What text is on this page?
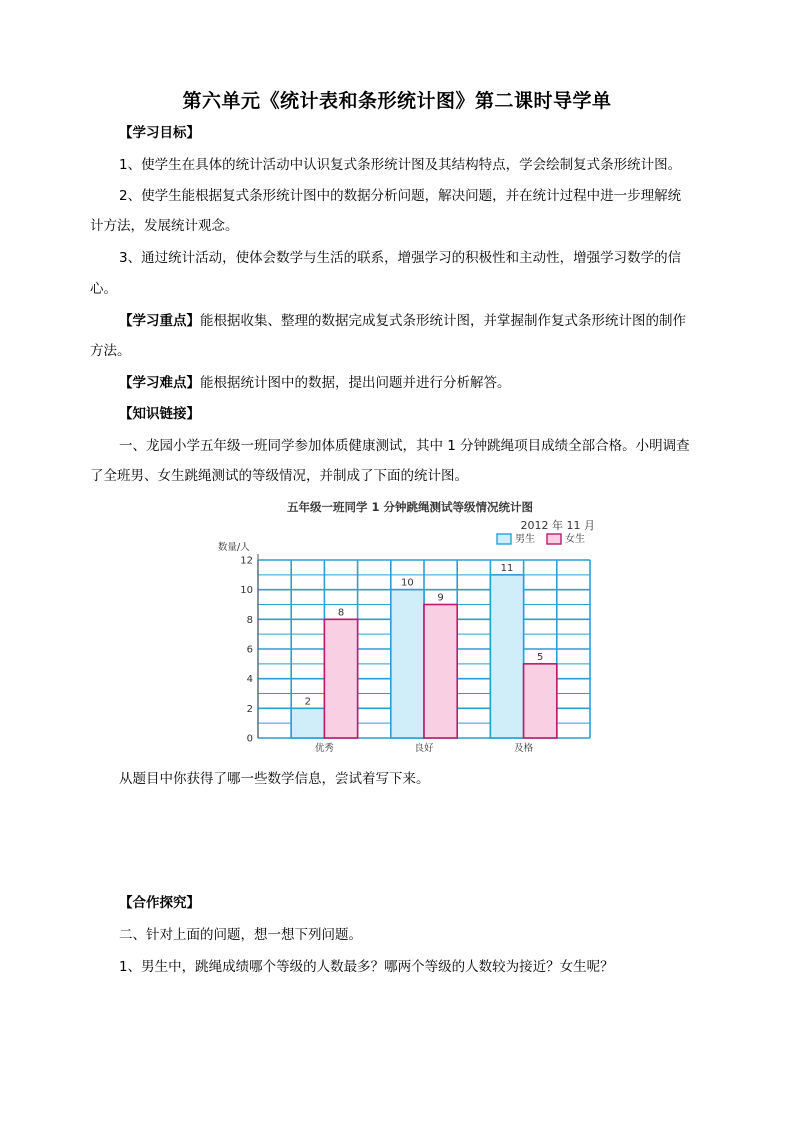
第六单元《统计表和条形统计图》第二课时导学单
【学习目标】
1、使学生在具体的统计活动中认识复式条形统计图及其结构特点，学会绘制复式条形统计图。
2、使学生能根据复式条形统计图中的数据分析问题，解决问题，并在统计过程中进一步理解统
计方法，发展统计观念。
3、通过统计活动，使体会数学与生活的联系，增强学习的积极性和主动性，增强学习数学的信
心。
【学习重点】能根据收集、整理的数据完成复式条形统计图，并掌握制作复式条形统计图的制作
方法。
【学习难点】能根据统计图中的数据，提出问题并进行分析解答。
【知识链接】
一、龙园小学五年级一班同学参加体质健康测试，其中 1 分钟跳绳项目成绩全部合格。小明调查
了全班男、女生跳绳测试的等级情况，并制成了下面的统计图。
五年级一班同学 1 分钟跳绳测试等级情况统计图
2012 年 11 月
数量/人
男生	女生
0
2
4
6
8
10
12
2
8
优秀
10
9
良好
11
5
及格
从题目中你获得了哪一些数学信息，尝试着写下来。
【合作探究】
二、针对上面的问题，想一想下列问题。
1、男生中，跳绳成绩哪个等级的人数最多？哪两个等级的人数较为接近？女生呢？
